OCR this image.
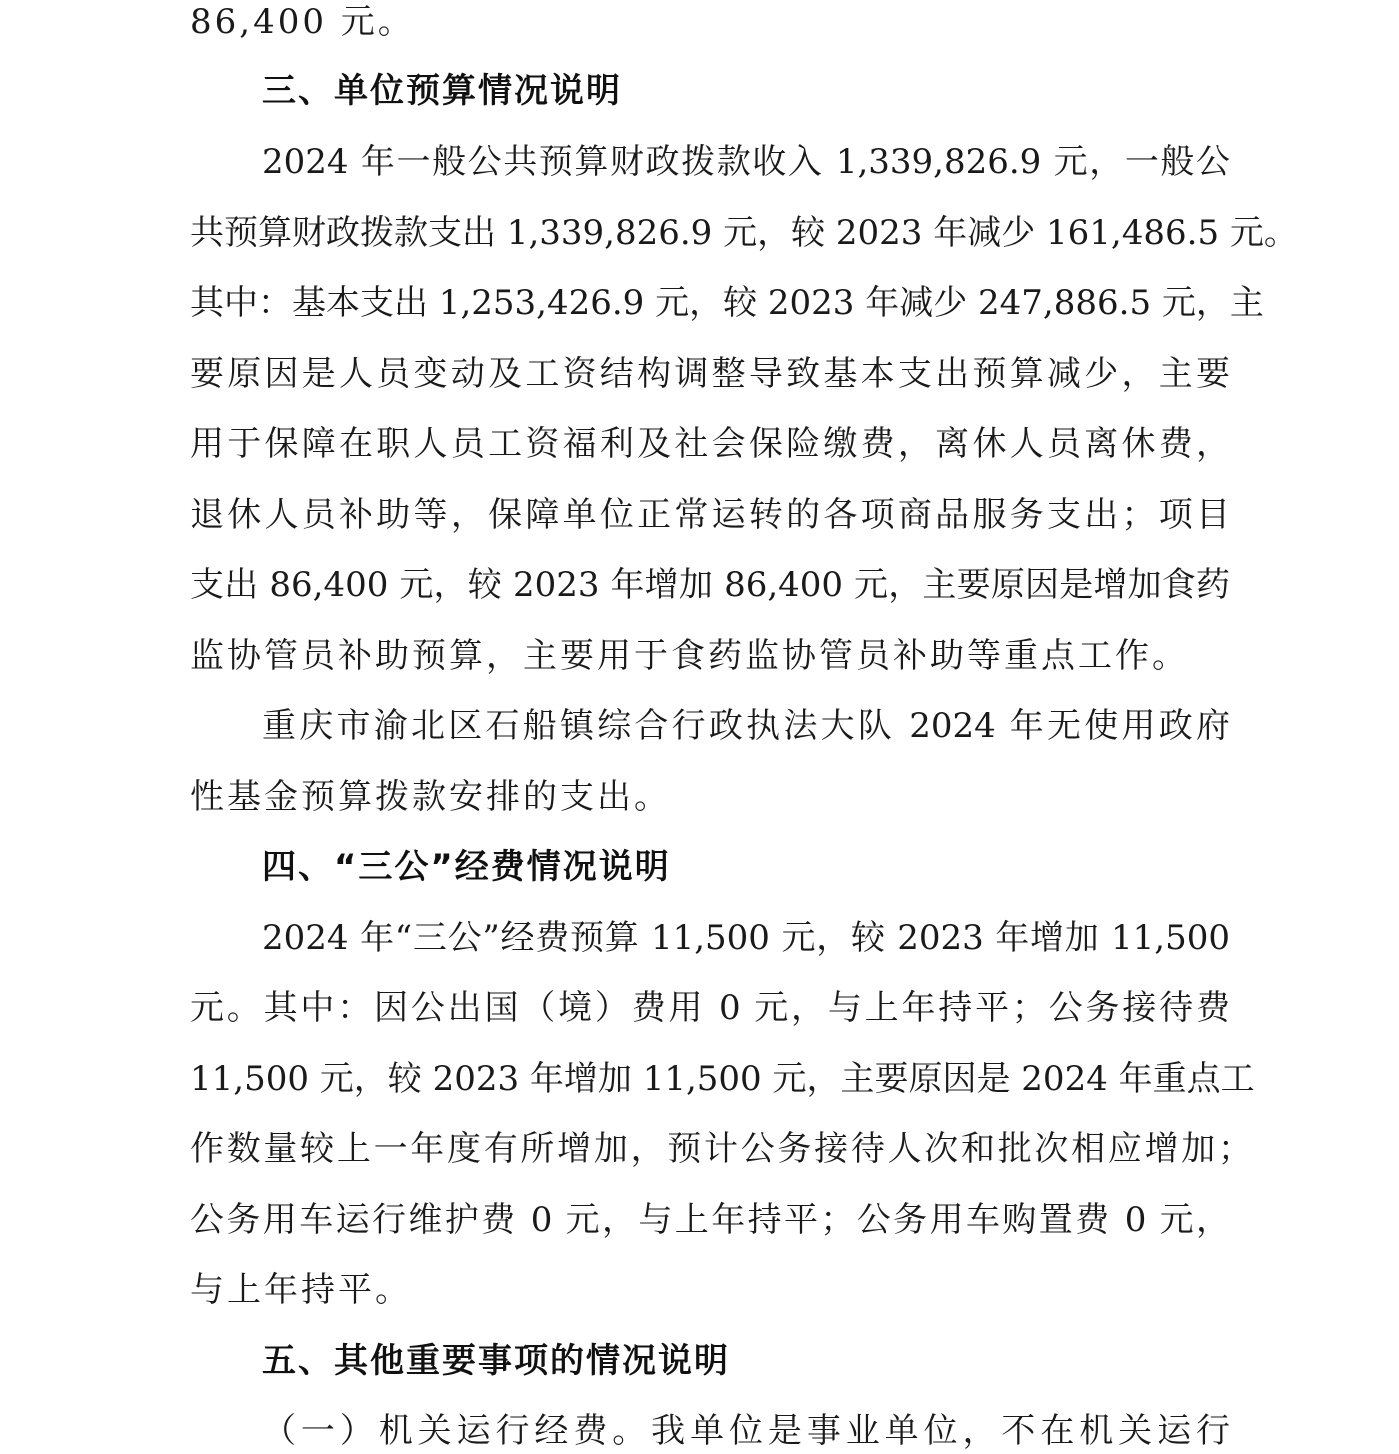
86,400 元。
三、单位预算情况说明
2024 年一般公共预算财政拨款收入 1,339,826.9 元，一般公
共预算财政拨款支出 1,339,826.9 元，较 2023 年减少 161,486.5 元。
其中：基本支出 1,253,426.9 元，较 2023 年减少 247,886.5 元，主
要原因是人员变动及工资结构调整导致基本支出预算减少，主要
用于保障在职人员工资福利及社会保险缴费，离休人员离休费，
退休人员补助等，保障单位正常运转的各项商品服务支出；项目
支出 86,400 元，较 2023 年增加 86,400 元，主要原因是增加食药
监协管员补助预算，主要用于食药监协管员补助等重点工作。
重庆市渝北区石船镇综合行政执法大队 2024 年无使用政府
性基金预算拨款安排的支出。
四、“三公”经费情况说明
2024 年“三公”经费预算 11,500 元，较 2023 年增加 11,500
元。其中：因公出国（境）费用 0 元，与上年持平；公务接待费
11,500 元，较 2023 年增加 11,500 元，主要原因是 2024 年重点工
作数量较上一年度有所增加，预计公务接待人次和批次相应增加；
公务用车运行维护费 0 元，与上年持平；公务用车购置费 0 元，
与上年持平。
五、其他重要事项的情况说明
（一）机关运行经费。我单位是事业单位，不在机关运行
